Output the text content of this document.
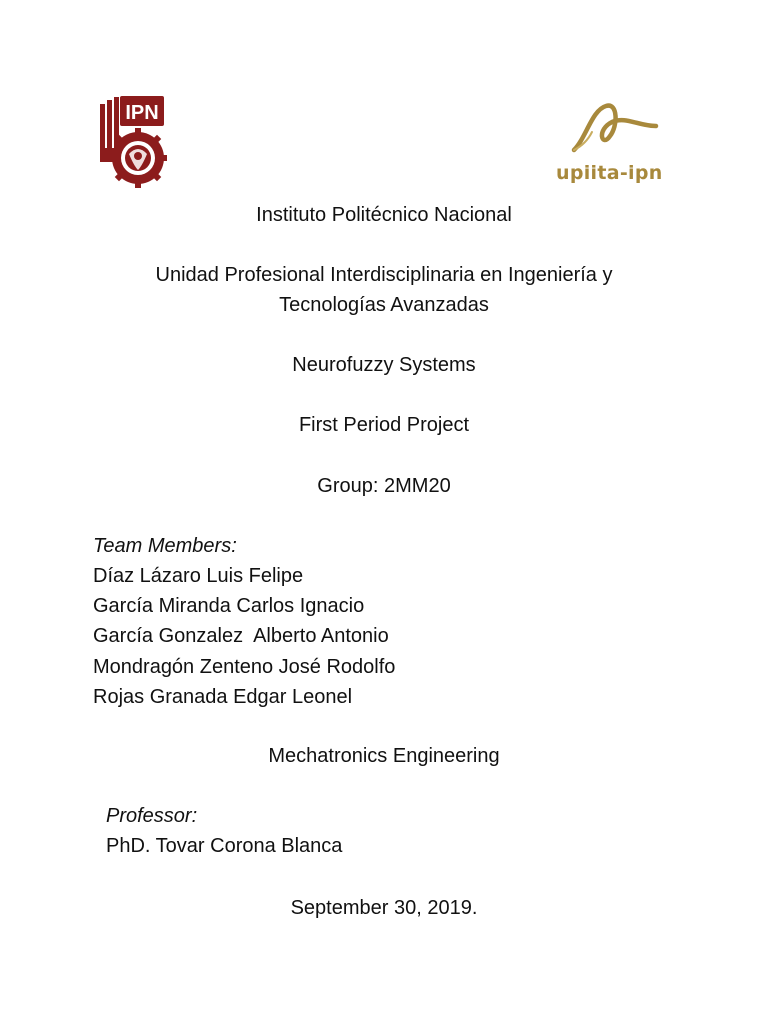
IPN
upiita-ipn
Instituto Politécnico Nacional
Unidad Profesional Interdisciplinaria en Ingeniería y
Tecnologías Avanzadas
Neurofuzzy Systems
First Period Project
Group: 2MM20
Team Members:
Díaz Lázaro Luis Felipe
García Miranda Carlos Ignacio
García Gonzalez  Alberto Antonio
Mondragón Zenteno José Rodolfo
Rojas Granada Edgar Leonel
Mechatronics Engineering
Professor:
PhD. Tovar Corona Blanca
September 30, 2019.
